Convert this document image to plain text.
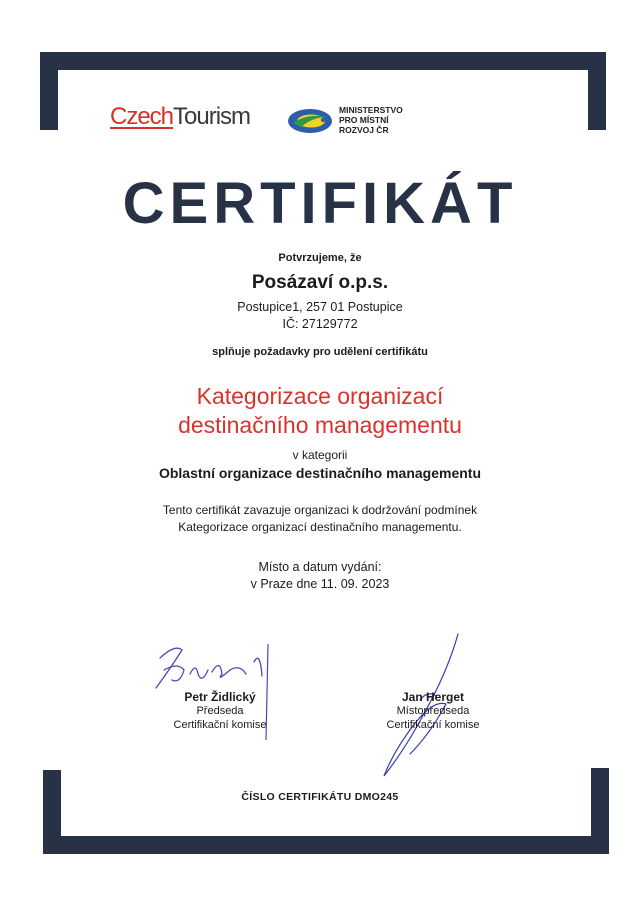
CzechTourism	MINISTERSTVO
PRO MÍSTNÍ
ROZVOJ ČR
CERTIFIKÁT
Potvrzujeme, že
Posázaví o.p.s.
Postupice1, 257 01 Postupice
IČ: 27129772
splňuje požadavky pro udělení certifikátu
Kategorizace organizací
destinačního managementu
v kategorii
Oblastní organizace destinačního managementu
Tento certifikát zavazuje organizaci k dodržování podmínek
Kategorizace organizací destinačního managementu.
Místo a datum vydání:
v Praze dne 11. 09. 2023
Petr Židlický
Předseda
Certifikační komise
Jan Herget
Místopředseda
Certifikační komise
ČÍSLO CERTIFIKÁTU DMO245
